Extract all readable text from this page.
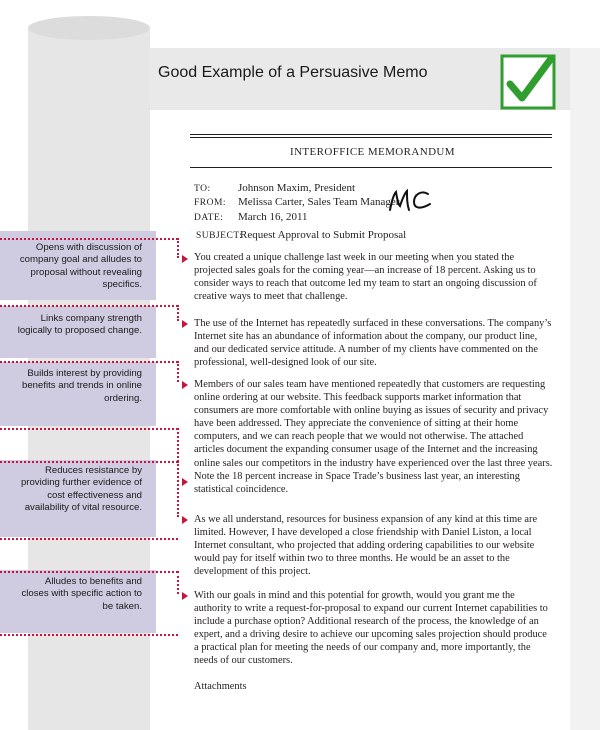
Good Example of a Persuasive Memo
INTEROFFICE MEMORANDUM
TO: Johnson Maxim, President
FROM: Melissa Carter, Sales Team Manager
DATE: March 16, 2011
SUBJECT:
Request Approval to Submit Proposal

You created a unique challenge last week in our meeting when you stated the projected sales goals for the coming year—an increase of 18 percent. Asking us to consider ways to reach that outcome led my team to start an ongoing discussion of creative ways to meet that challenge.

The use of the Internet has repeatedly surfaced in these conversations. The company’s Internet site has an abundance of information about the company, our product line, and our dedicated service attitude. A number of my clients have commented on the professional, well-designed look of our site.

Members of our sales team have mentioned repeatedly that customers are requesting online ordering at our website. This feedback supports market information that consumers are more comfortable with online buying as issues of security and privacy have been addressed. They appreciate the convenience of sitting at their home computers, and we can reach people that we would not otherwise. The attached articles document the expanding consumer usage of the Internet and the increasing online sales our competitors in the industry have experienced over the last three years. Note the 18 percent increase in Space Trade’s business last year, an interesting statistical coincidence.

As we all understand, resources for business expansion of any kind at this time are limited. However, I have developed a close friendship with Daniel Liston, a local Internet consultant, who projected that adding ordering capabilities to our website would pay for itself within two to three months. He would be an asset to the development of this project.

With our goals in mind and this potential for growth, would you grant me the authority to write a request-for-proposal to expand our current Internet capabilities to include a purchase option? Additional research of the process, the knowledge of an expert, and a driving desire to achieve our upcoming sales projection should produce a practical plan for meeting the needs of our company and, more importantly, the needs of our customers.

Attachments

Opens with discussion of company goal and alludes to proposal without revealing specifics.

Links company strength logically to proposed change.

Builds interest by providing benefits and trends in online ordering.

Reduces resistance by providing further evidence of cost effectiveness and availability of vital resource.

Alludes to benefits and closes with specific action to be taken.
